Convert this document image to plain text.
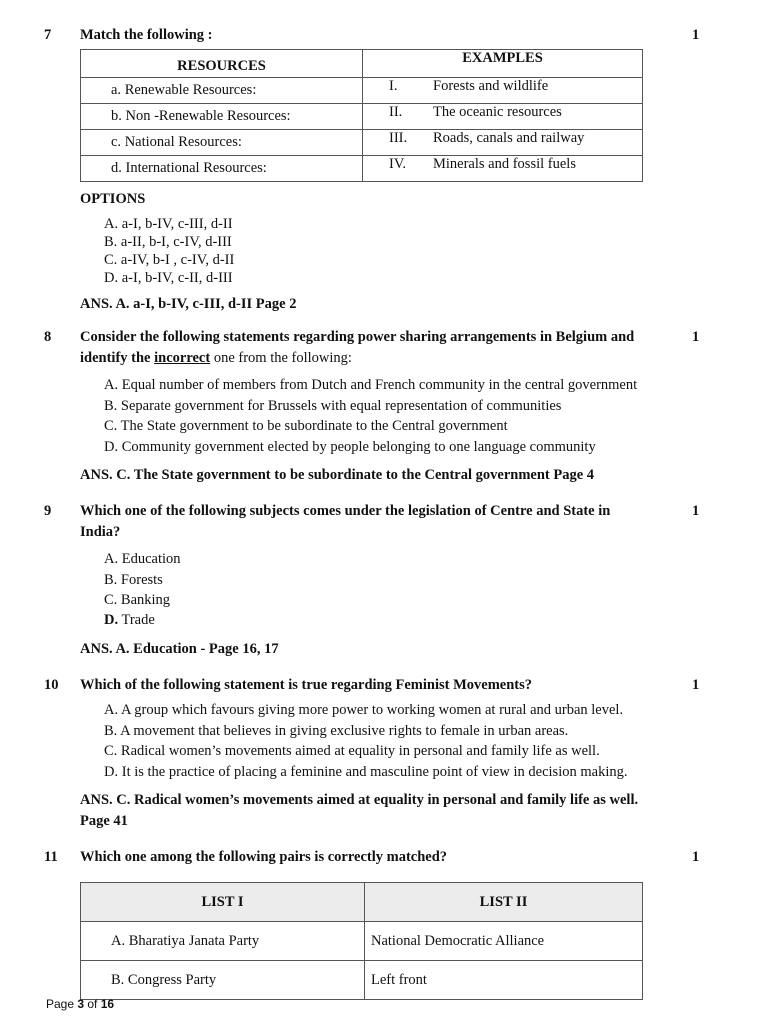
7 Match the following :	1
RESOURCES	EXAMPLES
a. Renewable Resources:	I. Forests and wildlife
b. Non -Renewable Resources:	II. The oceanic resources
c. National Resources:	III. Roads, canals and railway
d. International Resources:	IV. Minerals and fossil fuels
OPTIONS
A. a-I, b-IV, c-III, d-II
B. a-II, b-I, c-IV, d-III
C. a-IV, b-I , c-IV, d-II
D. a-I, b-IV, c-II, d-III
ANS. A. a-I, b-IV, c-III, d-II Page 2
8 Consider the following statements regarding power sharing arrangements in Belgium and	1
identify the incorrect one from the following:
A. Equal number of members from Dutch and French community in the central government
B. Separate government for Brussels with equal representation of communities
C. The State government to be subordinate to the Central government
D. Community government elected by people belonging to one language community
ANS. C. The State government to be subordinate to the Central government Page 4
9 Which one of the following subjects comes under the legislation of Centre and State in	1
India?
A. Education
B. Forests
C. Banking
D. Trade
ANS. A. Education - Page 16, 17
10 Which of the following statement is true regarding Feminist Movements?	1
A. A group which favours giving more power to working women at rural and urban level.
B. A movement that believes in giving exclusive rights to female in urban areas.
C. Radical women’s movements aimed at equality in personal and family life as well.
D. It is the practice of placing a feminine and masculine point of view in decision making.
ANS. C. Radical women’s movements aimed at equality in personal and family life as well.
Page 41
11 Which one among the following pairs is correctly matched?	1
LIST I	LIST II
A. Bharatiya Janata Party	National Democratic Alliance
B. Congress Party	Left front
Page 3 of 16
